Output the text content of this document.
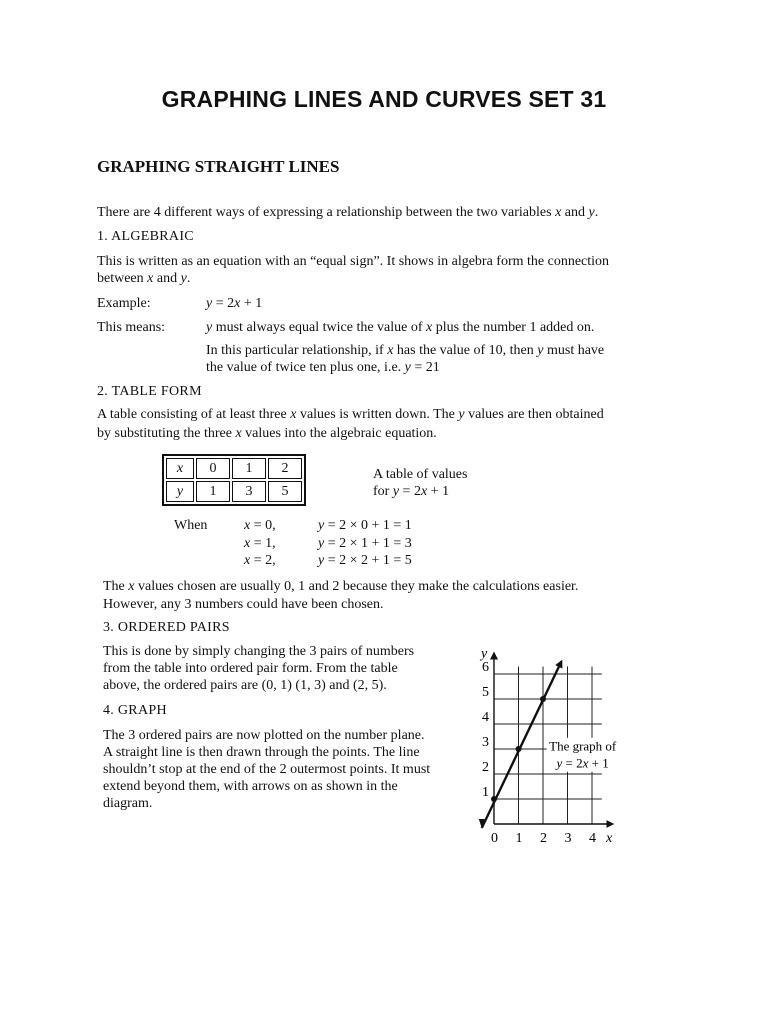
GRAPHING LINES AND CURVES SET 31
GRAPHING STRAIGHT LINES
There are 4 different ways of expressing a relationship between the two variables x and y.
1. ALGEBRAIC
This is written as an equation with an “equal sign”. It shows in algebra form the connection
between x and y.
Example:	y = 2x + 1
This means:	y must always equal twice the value of x plus the number 1 added on.
In this particular relationship, if x has the value of 10, then y must have
the value of twice ten plus one, i.e. y = 21
2. TABLE FORM
A table consisting of at least three x values is written down. The y values are then obtained
by substituting the three x values into the algebraic equation.
x	0	1	2
y	1	3	5
A table of values
for y = 2x + 1
When	x = 0,	y = 2 × 0 + 1 = 1
x = 1,	y = 2 × 1 + 1 = 3
x = 2,	y = 2 × 2 + 1 = 5
The x values chosen are usually 0, 1 and 2 because they make the calculations easier.
However, any 3 numbers could have been chosen.
3. ORDERED PAIRS
This is done by simply changing the 3 pairs of numbers
from the table into ordered pair form. From the table
above, the ordered pairs are (0, 1) (1, 3) and (2, 5).
4. GRAPH
The 3 ordered pairs are now plotted on the number plane.
A straight line is then drawn through the points. The line
shouldn’t stop at the end of the 2 outermost points. It must
extend beyond them, with arrows on as shown in the
diagram.
0 1 2 3 4
1
2
3
4
5
6
x
y
The graph of
y = 2x + 1
